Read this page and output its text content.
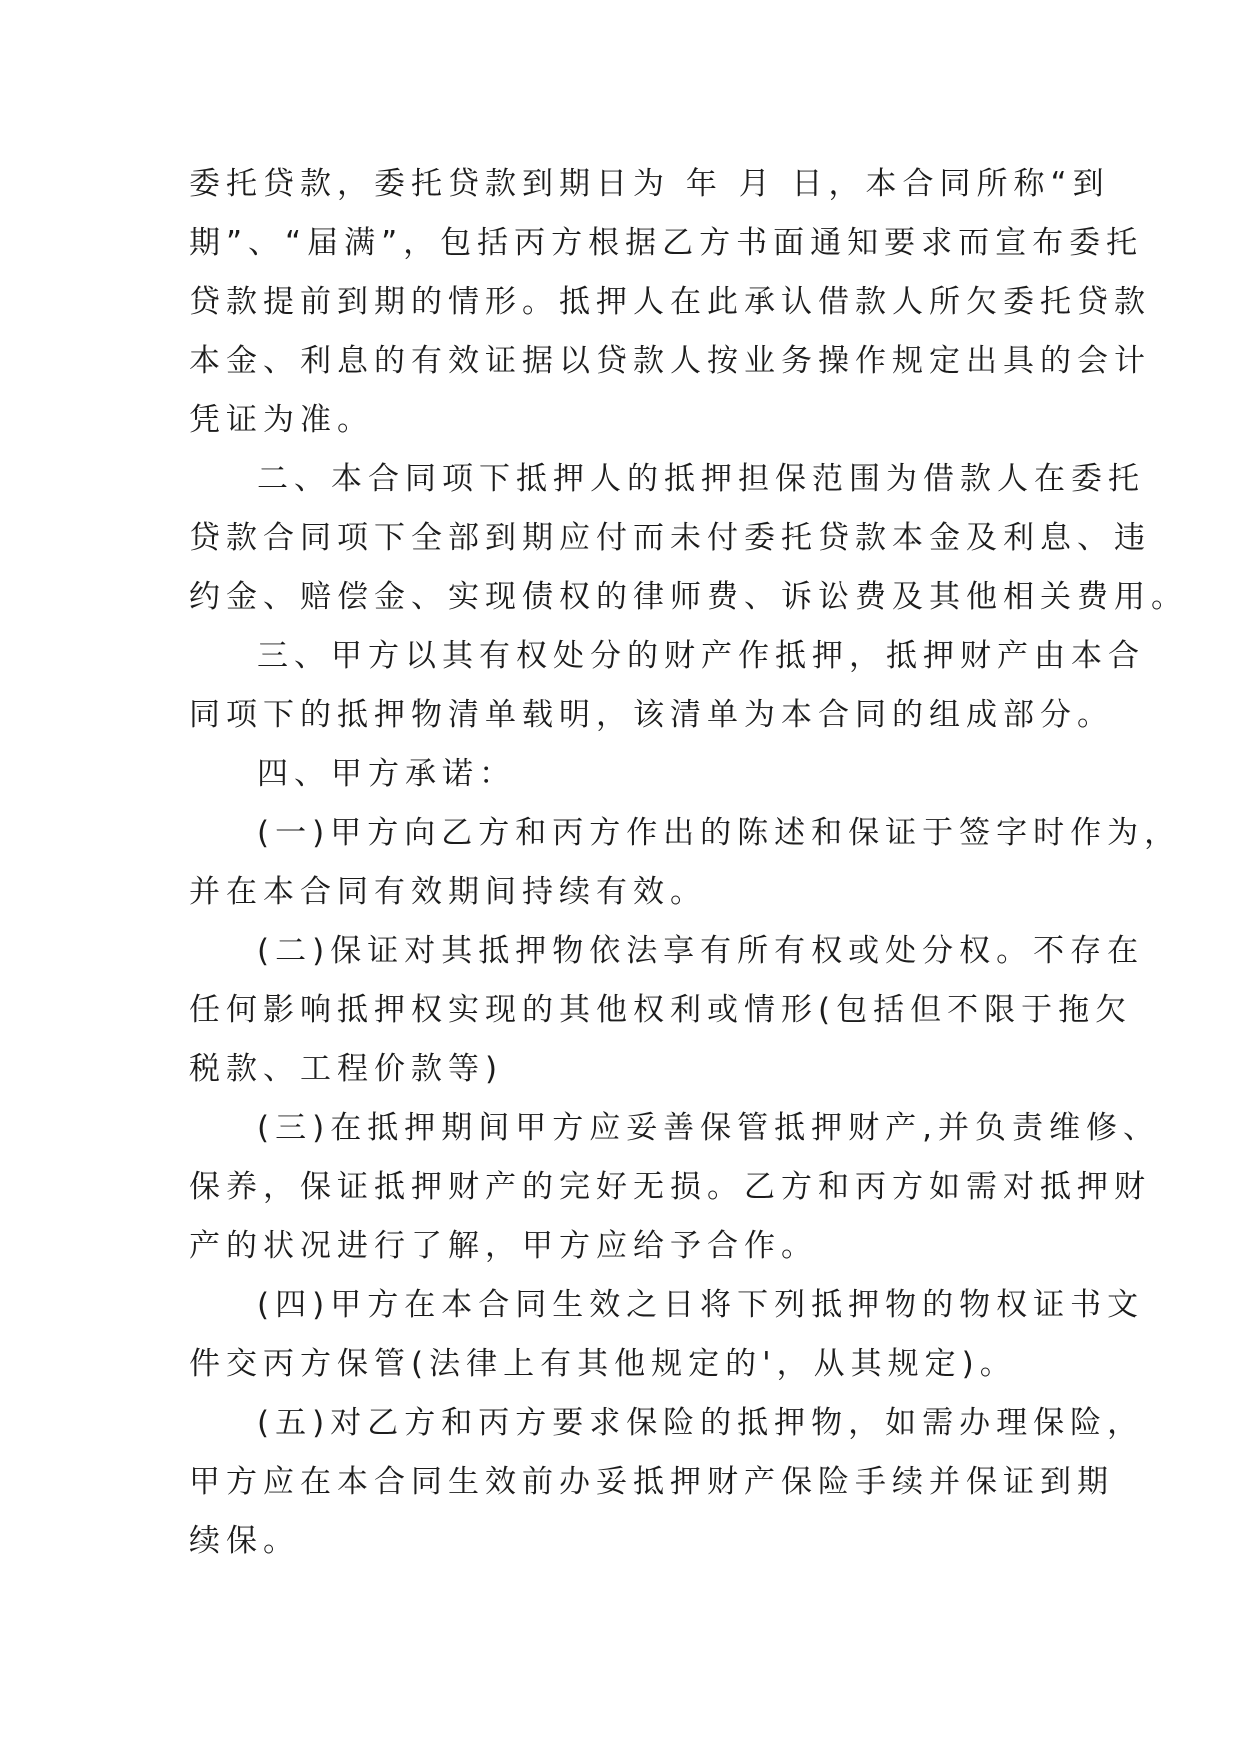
委托贷款，委托贷款到期日为 年 月 日，本合同所称“到
期”、“届满”，包括丙方根据乙方书面通知要求而宣布委托
贷款提前到期的情形。抵押人在此承认借款人所欠委托贷款
本金、利息的有效证据以贷款人按业务操作规定出具的会计
凭证为准。
二、本合同项下抵押人的抵押担保范围为借款人在委托
贷款合同项下全部到期应付而未付委托贷款本金及利息、违
约金、赔偿金、实现债权的律师费、诉讼费及其他相关费用。
三、甲方以其有权处分的财产作抵押，抵押财产由本合
同项下的抵押物清单载明，该清单为本合同的组成部分。
四、甲方承诺：
(一)甲方向乙方和丙方作出的陈述和保证于签字时作为，
并在本合同有效期间持续有效。
(二)保证对其抵押物依法享有所有权或处分权。不存在
任何影响抵押权实现的其他权利或情形(包括但不限于拖欠
税款、工程价款等)
(三)在抵押期间甲方应妥善保管抵押财产,并负责维修、
保养，保证抵押财产的完好无损。乙方和丙方如需对抵押财
产的状况进行了解，甲方应给予合作。
(四)甲方在本合同生效之日将下列抵押物的物权证书文
件交丙方保管(法律上有其他规定的'，从其规定)。
(五)对乙方和丙方要求保险的抵押物，如需办理保险，
甲方应在本合同生效前办妥抵押财产保险手续并保证到期
续保。
